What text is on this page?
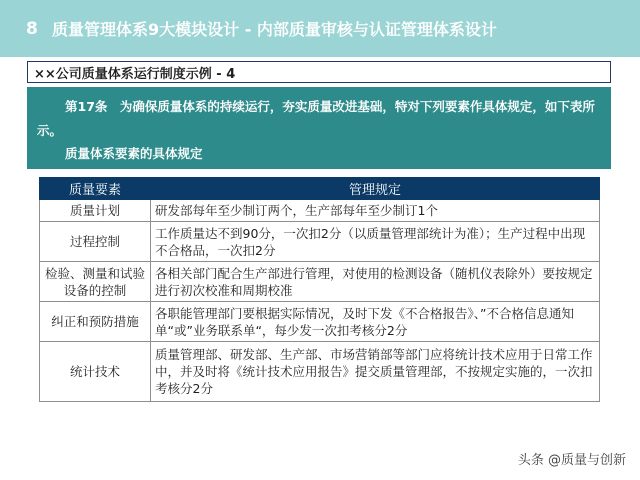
8 质量管理体系9大模块设计 - 内部质量审核与认证管理体系设计
××公司质量体系运行制度示例 - 4

第17条　为确保质量体系的持续运行，夯实质量改进基础，特对下列要素作具体规定，如下表所示。

质量体系要素的具体规定

质量要素	管理规定
质量计划	研发部每年至少制订两个，生产部每年至少制订1个
过程控制	工作质量达不到90分，一次扣2分（以质量管理部统计为准）；生产过程中出现不合格品，一次扣2分
检验、测量和试验设备的控制	各相关部门配合生产部进行管理，对使用的检测设备（随机仪表除外）要按规定进行初次校准和周期校准
纠正和预防措施	各职能管理部门要根据实际情况，及时下发《不合格报告》、”不合格信息通知单“或”业务联系单“，每少发一次扣考核分2分
统计技术	质量管理部、研发部、生产部、市场营销部等部门应将统计技术应用于日常工作中，并及时将《统计技术应用报告》提交质量管理部，不按规定实施的，一次扣考核分2分
头条 @质量与创新
